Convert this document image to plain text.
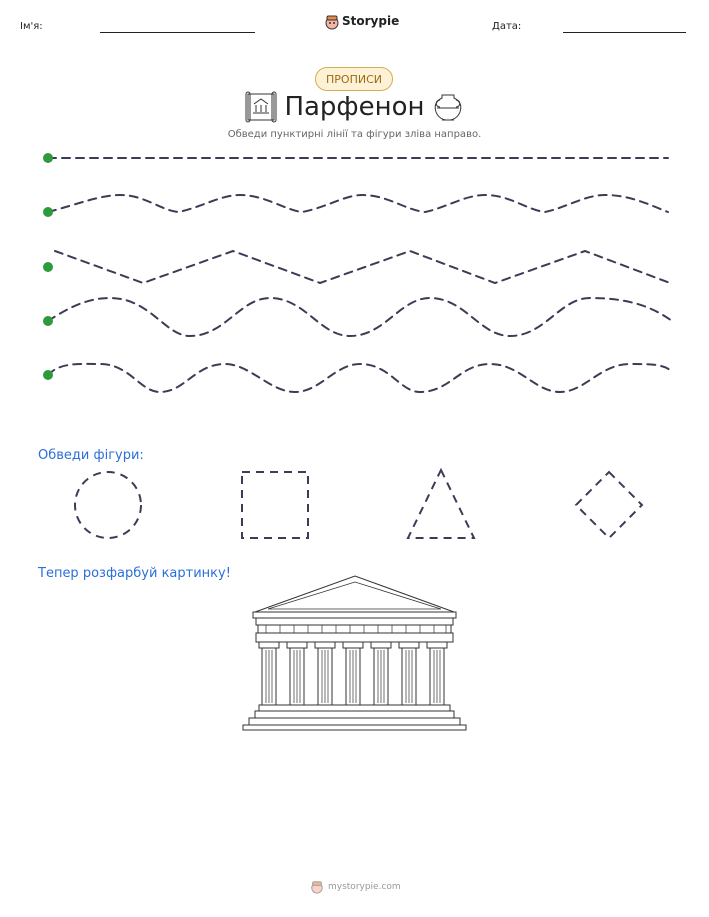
Ім'я:	Storypie	Дата:
ПРОПИСИ
Парфенон
Обведи пунктирні лінії та фігури зліва направо.
Обведи фігури:
Тепер розфарбуй картинку!
mystorypie.com
